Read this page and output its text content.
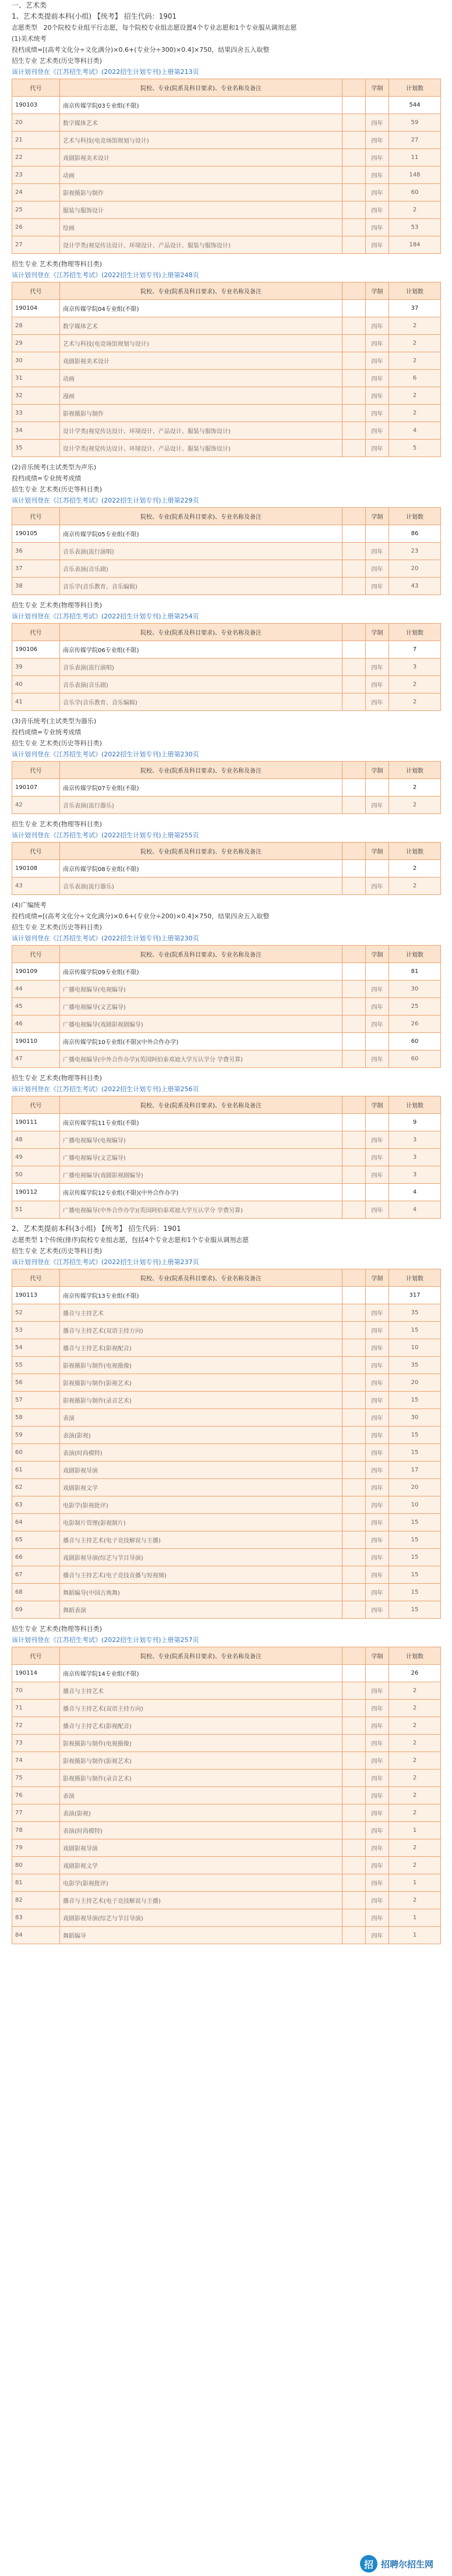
一、艺术类
1、艺术类提前本科(小组) 【统考】 招生代码：1901
志愿类型 20个院校专业组平行志愿，每个院校专业组志愿设置4个专业志愿和1个专业服从调剂志愿
(1)美术统考
投档成绩=[(高考文化分÷文化满分)×0.6+(专业分÷300)×0.4]×750，结果四舍五入取整
招生专业 艺术类(历史等科目类)
该计划刊登在《江苏招生考试》(2022招生计划专刊)上册第213页
代号	院校、专业(院系及科目要求)、专业名称及备注		学制	计划数
190103	南京传媒学院03专业组(不限)			544
20	数字媒体艺术		四年	59
21	艺术与科技(电竞场馆规划与设计)		四年	27
22	戏剧影视美术设计		四年	11
23	动画		四年	148
24	影视摄影与制作		四年	60
25	服装与服饰设计		四年	2
26	绘画		四年	53
27	设计学类(视觉传达设计、环境设计、产品设计、服装与服饰设计)		四年	184
招生专业 艺术类(物理等科目类)
该计划刊登在《江苏招生考试》(2022招生计划专刊)上册第248页
代号	院校、专业(院系及科目要求)、专业名称及备注		学制	计划数
190104	南京传媒学院04专业组(不限)			37
28	数字媒体艺术		四年	2
29	艺术与科技(电竞场馆规划与设计)		四年	2
30	戏剧影视美术设计		四年	2
31	动画		四年	6
32	漫画		四年	2
33	影视摄影与制作		四年	2
34	设计学类(视觉传达设计、环境设计、产品设计、服装与服饰设计)		四年	4
35	设计学类(视觉传达设计、环境设计、产品设计、服装与服饰设计)		四年	5
(2)音乐统考(主试类型为声乐)
投档成绩=专业统考成绩
招生专业 艺术类(历史等科目类)
该计划刊登在《江苏招生考试》(2022招生计划专刊)上册第229页
代号	院校、专业(院系及科目要求)、专业名称及备注		学制	计划数
190105	南京传媒学院05专业组(不限)			86
36	音乐表演(流行演唱)		四年	23
37	音乐表演(音乐剧)		四年	20
38	音乐学(音乐教育、音乐编辑)		四年	43
招生专业 艺术类(物理等科目类)
该计划刊登在《江苏招生考试》(2022招生计划专刊)上册第254页
代号	院校、专业(院系及科目要求)、专业名称及备注		学制	计划数
190106	南京传媒学院06专业组(不限)			7
39	音乐表演(流行演唱)		四年	3
40	音乐表演(音乐剧)		四年	2
41	音乐学(音乐教育、音乐编辑)		四年	2
(3)音乐统考(主试类型为器乐)
投档成绩=专业统考成绩
招生专业 艺术类(历史等科目类)
该计划刊登在《江苏招生考试》(2022招生计划专刊)上册第230页
代号	院校、专业(院系及科目要求)、专业名称及备注		学制	计划数
190107	南京传媒学院07专业组(不限)			2
42	音乐表演(流行器乐)		四年	2
招生专业 艺术类(物理等科目类)
该计划刊登在《江苏招生考试》(2022招生计划专刊)上册第255页
代号	院校、专业(院系及科目要求)、专业名称及备注		学制	计划数
190108	南京传媒学院08专业组(不限)			2
43	音乐表演(流行器乐)		四年	2
(4)广编统考
投档成绩=[(高考文化分÷文化满分)×0.6+(专业分÷200)×0.4]×750，结果四舍五入取整
招生专业 艺术类(历史等科目类)
该计划刊登在《江苏招生考试》(2022招生计划专刊)上册第230页
代号	院校、专业(院系及科目要求)、专业名称及备注		学制	计划数
190109	南京传媒学院09专业组(不限)			81
44	广播电视编导(电视编导)		四年	30
45	广播电视编导(文艺编导)		四年	25
46	广播电视编导(戏剧影视剧编导)		四年	26
190110	南京传媒学院10专业组(不限)(中外合作办学)			60
47	广播电视编导(中外合作办学)(英国阿伯泰邓迪大学互认学分 学费另算)		四年	60
招生专业 艺术类(物理等科目类)
该计划刊登在《江苏招生考试》(2022招生计划专刊)上册第256页
代号	院校、专业(院系及科目要求)、专业名称及备注		学制	计划数
190111	南京传媒学院11专业组(不限)			9
48	广播电视编导(电视编导)		四年	3
49	广播电视编导(文艺编导)		四年	3
50	广播电视编导(戏剧影视剧编导)		四年	3
190112	南京传媒学院12专业组(不限)(中外合作办学)			4
51	广播电视编导(中外合作办学)(英国阿伯泰邓迪大学互认学分 学费另算)		四年	4
2、艺术类提前本科(3小组) 【统考】 招生代码：1901
志愿类型 1个传统(排序)院校专业组志愿，包括4个专业志愿和1个专业服从调剂志愿
招生专业 艺术类(历史等科目类)
该计划刊登在《江苏招生考试》(2022招生计划专刊)上册第237页
代号	院校、专业(院系及科目要求)、专业名称及备注		学制	计划数
190113	南京传媒学院13专业组(不限)			317
52	播音与主持艺术		四年	35
53	播音与主持艺术(双语主持方向)		四年	15
54	播音与主持艺术(影视配音)		四年	10
55	影视摄影与制作(电视摄像)		四年	35
56	影视摄影与制作(影视艺术)		四年	20
57	影视摄影与制作(录音艺术)		四年	15
58	表演		四年	30
59	表演(影视)		四年	15
60	表演(时尚模特)		四年	15
61	戏剧影视导演		四年	17
62	戏剧影视文学		四年	20
63	电影学(影视批评)		四年	10
64	电影制片管理(影视制片)		四年	15
65	播音与主持艺术(电子竞技解说与主播)		四年	15
66	戏剧影视导演(综艺与节目导演)		四年	15
67	播音与主持艺术(电子竞技直播与短视频)		四年	15
68	舞蹈编导(中国古典舞)		四年	15
69	舞蹈表演		四年	15
招生专业 艺术类(物理等科目类)
该计划刊登在《江苏招生考试》(2022招生计划专刊)上册第257页
代号	院校、专业(院系及科目要求)、专业名称及备注		学制	计划数
190114	南京传媒学院14专业组(不限)			26
70	播音与主持艺术		四年	2
71	播音与主持艺术(双语主持方向)		四年	2
72	播音与主持艺术(影视配音)		四年	2
73	影视摄影与制作(电视摄像)		四年	2
74	影视摄影与制作(影视艺术)		四年	2
75	影视摄影与制作(录音艺术)		四年	2
76	表演		四年	2
77	表演(影视)		四年	2
78	表演(时尚模特)		四年	1
79	戏剧影视导演		四年	2
80	戏剧影视文学		四年	2
81	电影学(影视批评)		四年	1
82	播音与主持艺术(电子竞技解说与主播)		四年	2
83	戏剧影视导演(综艺与节目导演)		四年	1
84	舞蹈编导		四年	1
招 招聘尔招生网
